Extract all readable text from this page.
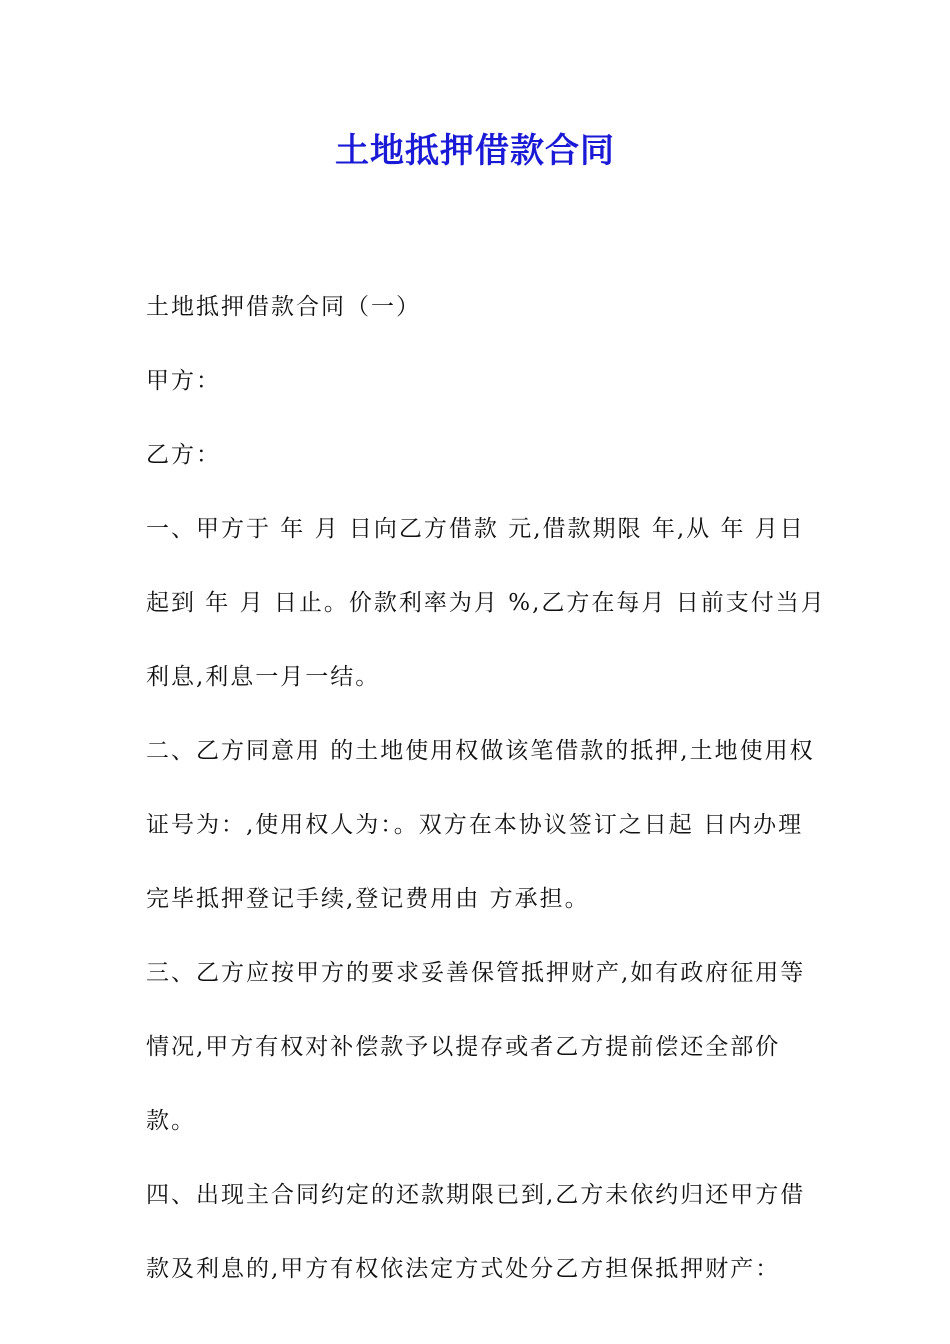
土地抵押借款合同

土地抵押借款合同（一）

甲方：

乙方：

一、甲方于 年 月 日向乙方借款 元,借款期限 年,从 年 月日起到 年 月 日止。价款利率为月 %,乙方在每月 日前支付当月利息,利息一月一结。

二、乙方同意用 的土地使用权做该笔借款的抵押,土地使用权证号为：,使用权人为：。双方在本协议签订之日起 日内办理完毕抵押登记手续,登记费用由 方承担。

三、乙方应按甲方的要求妥善保管抵押财产,如有政府征用等情况,甲方有权对补偿款予以提存或者乙方提前偿还全部价款。

四、出现主合同约定的还款期限已到,乙方未依约归还甲方借款及利息的,甲方有权依法定方式处分乙方担保抵押财产：
